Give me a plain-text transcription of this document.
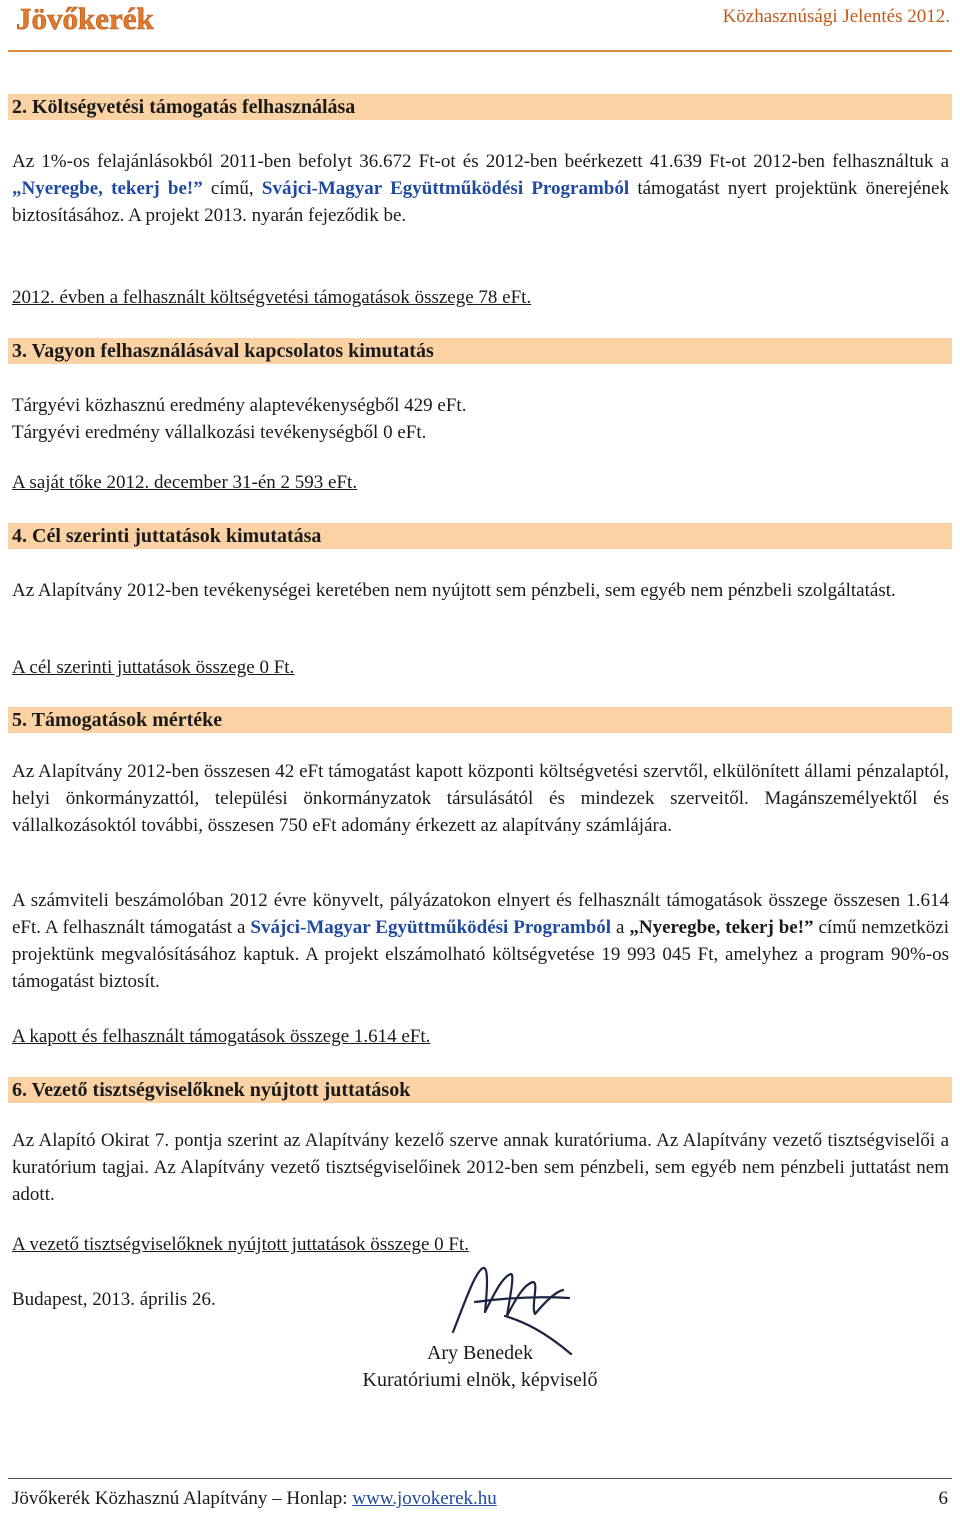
Jövőkerék	Közhasznúsági Jelentés 2012.
2. Költségvetési támogatás felhasználása
Az 1%-os felajánlásokból 2011-ben befolyt 36.672 Ft-ot és 2012-ben beérkezett 41.639 Ft-ot 2012-ben felhasználtuk a „Nyeregbe, tekerj be!” című, Svájci-Magyar Együttműködési Programból támogatást nyert projektünk önerejének biztosításához. A projekt 2013. nyarán fejeződik be.
2012. évben a felhasznált költségvetési támogatások összege 78 eFt.
3. Vagyon felhasználásával kapcsolatos kimutatás
Tárgyévi közhasznú eredmény alaptevékenységből 429 eFt.
Tárgyévi eredmény vállalkozási tevékenységből 0 eFt.
A saját tőke 2012. december 31-én 2 593 eFt.
4. Cél szerinti juttatások kimutatása
Az Alapítvány 2012-ben tevékenységei keretében nem nyújtott sem pénzbeli, sem egyéb nem pénzbeli szolgáltatást.
A cél szerinti juttatások összege 0 Ft.
5. Támogatások mértéke
Az Alapítvány 2012-ben összesen 42 eFt támogatást kapott központi költségvetési szervtől, elkülönített állami pénzalaptól, helyi önkormányzattól, települési önkormányzatok társulásától és mindezek szerveitől. Magánszemélyektől és vállalkozásoktól további, összesen 750 eFt adomány érkezett az alapítvány számlájára.
A számviteli beszámolóban 2012 évre könyvelt, pályázatokon elnyert és felhasznált támogatások összege összesen 1.614 eFt. A felhasznált támogatást a Svájci-Magyar Együttműködési Programból a „Nyeregbe, tekerj be!” című nemzetközi projektünk megvalósításához kaptuk. A projekt elszámolható költségvetése 19 993 045 Ft, amelyhez a program 90%-os támogatást biztosít.
A kapott és felhasznált támogatások összege 1.614 eFt.
6. Vezető tisztségviselőknek nyújtott juttatások
Az Alapító Okirat 7. pontja szerint az Alapítvány kezelő szerve annak kuratóriuma. Az Alapítvány vezető tisztségviselői a kuratórium tagjai. Az Alapítvány vezető tisztségviselőinek 2012-ben sem pénzbeli, sem egyéb nem pénzbeli juttatást nem adott.
A vezető tisztségviselőknek nyújtott juttatások összege 0 Ft.
Budapest, 2013. április 26.
Ary Benedek
Kuratóriumi elnök, képviselő
Jövőkerék Közhasznú Alapítvány – Honlap: www.jovokerek.hu	6
